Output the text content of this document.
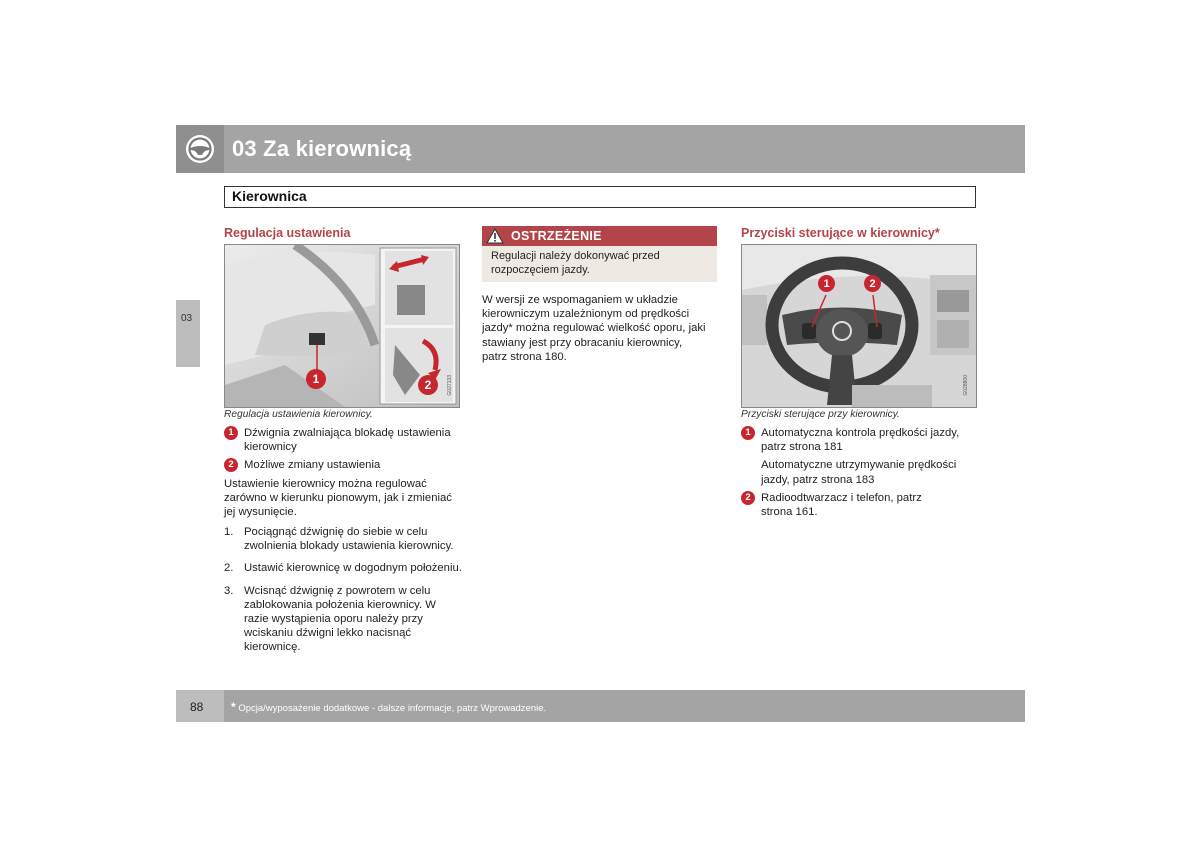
03 Za kierownicą
Kierownica
03
Regulacja ustawienia
1	2	G027133
Regulacja ustawienia kierownicy.
1 Dźwignia zwalniająca blokadę ustawienia kierownicy
2 Możliwe zmiany ustawienia
Ustawienie kierownicy można regulować zarówno w kierunku pionowym, jak i zmieniać jej wysunięcie.
1. Pociągnąć dźwignię do siebie w celu zwolnienia blokady ustawienia kierownicy.
2. Ustawić kierownicę w dogodnym położeniu.
3. Wcisnąć dźwignię z powrotem w celu zablokowania położenia kierownicy. W razie wystąpienia oporu należy przy wciskaniu dźwigni lekko nacisnąć kierownicę.
OSTRZEŻENIE
Regulacji należy dokonywać przed rozpoczęciem jazdy.
W wersji ze wspomaganiem w układzie kierowniczym uzależnionym od prędkości jazdy* można regulować wielkość oporu, jaki stawiany jest przy obracaniu kierownicy, patrz strona 180.
Przyciski sterujące w kierownicy*
1	2
G028800
Przyciski sterujące przy kierownicy.
1 Automatyczna kontrola prędkości jazdy, patrz strona 181
Automatyczne utrzymywanie prędkości jazdy, patrz strona 183
2 Radioodtwarzacz i telefon, patrz strona 161.
88 * Opcja/wyposażenie dodatkowe - dalsze informacje, patrz Wprowadzenie.
